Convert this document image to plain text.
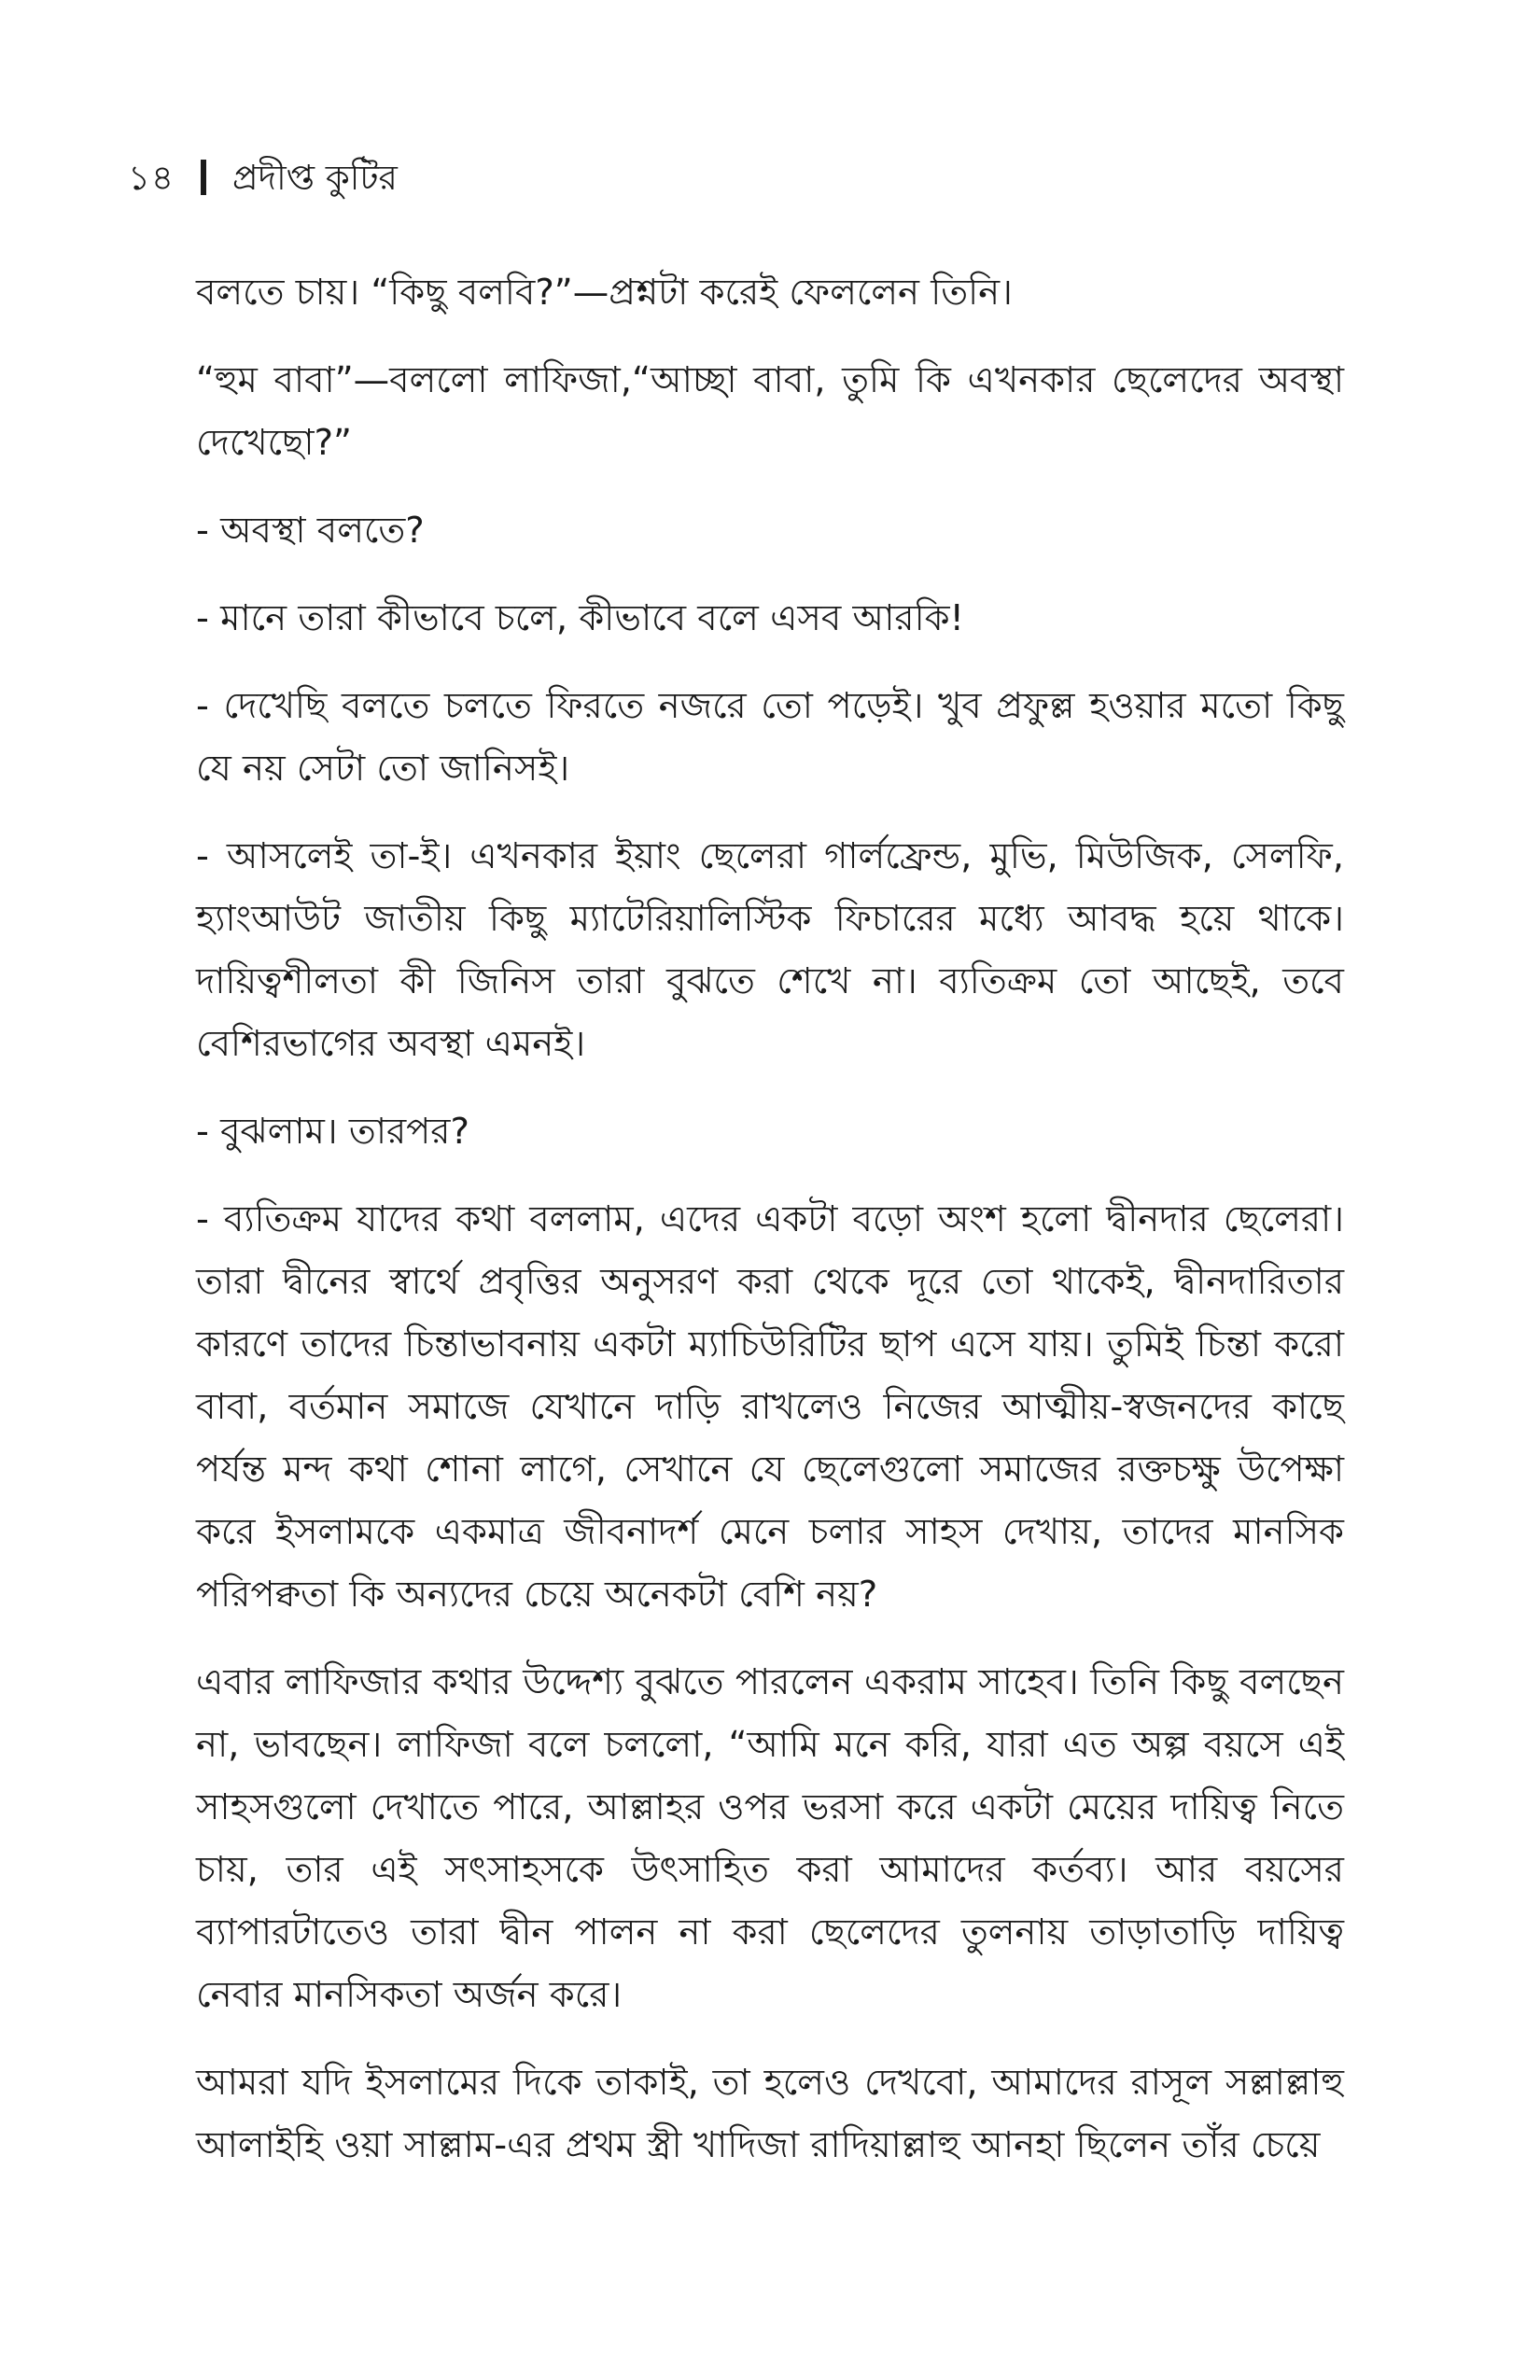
১৪ প্রদীপ্ত কুটির

বলতে চায়। “কিছু বলবি?”—প্রশ্নটা করেই ফেললেন তিনি।

“হুম বাবা”—বললো লাফিজা,“আচ্ছা বাবা, তুমি কি এখনকার ছেলেদের অবস্থা দেখেছো?”

- অবস্থা বলতে?

- মানে তারা কীভাবে চলে, কীভাবে বলে এসব আরকি!

- দেখেছি বলতে চলতে ফিরতে নজরে তো পড়েই। খুব প্রফুল্ল হওয়ার মতো কিছু যে নয় সেটা তো জানিসই।

- আসলেই তা-ই। এখনকার ইয়াং ছেলেরা গার্লফ্রেন্ড, মুভি, মিউজিক, সেলফি, হ্যাংআউট জাতীয় কিছু ম্যাটেরিয়ালিস্টিক ফিচারের মধ্যে আবদ্ধ হয়ে থাকে। দায়িত্বশীলতা কী জিনিস তারা বুঝতে শেখে না। ব্যতিক্রম তো আছেই, তবে বেশিরভাগের অবস্থা এমনই।

- বুঝলাম। তারপর?

- ব্যতিক্রম যাদের কথা বললাম, এদের একটা বড়ো অংশ হলো দ্বীনদার ছেলেরা। তারা দ্বীনের স্বার্থে প্রবৃত্তির অনুসরণ করা থেকে দূরে তো থাকেই, দ্বীনদারিতার কারণে তাদের চিন্তাভাবনায় একটা ম্যাচিউরিটির ছাপ এসে যায়। তুমিই চিন্তা করো বাবা, বর্তমান সমাজে যেখানে দাড়ি রাখলেও নিজের আত্মীয়-স্বজনদের কাছে পর্যন্ত মন্দ কথা শোনা লাগে, সেখানে যে ছেলেগুলো সমাজের রক্তচক্ষু উপেক্ষা করে ইসলামকে একমাত্র জীবনাদর্শ মেনে চলার সাহস দেখায়, তাদের মানসিক পরিপক্বতা কি অন্যদের চেয়ে অনেকটা বেশি নয়?

এবার লাফিজার কথার উদ্দেশ্য বুঝতে পারলেন একরাম সাহেব। তিনি কিছু বলছেন না, ভাবছেন। লাফিজা বলে চললো, “আমি মনে করি, যারা এত অল্প বয়সে এই সাহসগুলো দেখাতে পারে, আল্লাহর ওপর ভরসা করে একটা মেয়ের দায়িত্ব নিতে চায়, তার এই সৎসাহসকে উৎসাহিত করা আমাদের কর্তব্য। আর বয়সের ব্যাপারটাতেও তারা দ্বীন পালন না করা ছেলেদের তুলনায় তাড়াতাড়ি দায়িত্ব নেবার মানসিকতা অর্জন করে।

আমরা যদি ইসলামের দিকে তাকাই, তা হলেও দেখবো, আমাদের রাসূল সল্লাল্লাহু আলাইহি ওয়া সাল্লাম-এর প্রথম স্ত্রী খাদিজা রাদিয়াল্লাহু আনহা ছিলেন তাঁর চেয়ে
